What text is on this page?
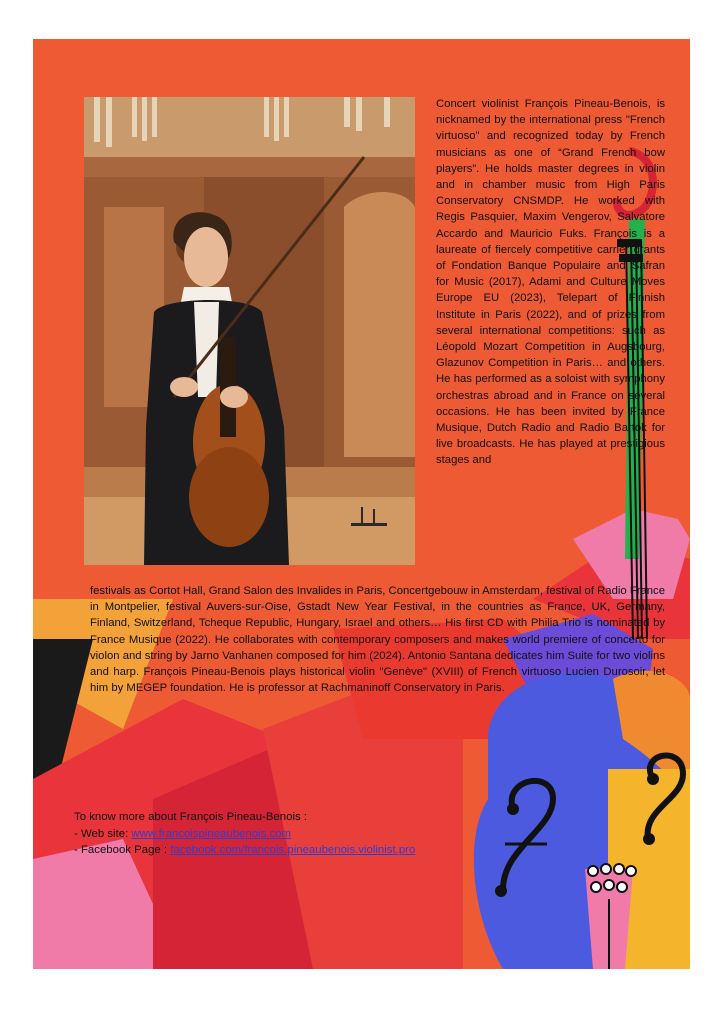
Concert violinist François Pineau-Benois, is nicknamed by the international press "French virtuoso" and recognized today by French musicians as one of “Grand French bow players”. He holds master degrees in violin and in chamber music from High Paris Conservatory CNSMDP. He worked with Regis Pasquier, Maxim Vengerov, Salvatore Accardo and Mauricio Fuks. François is a laureate of fiercely competitive carrier grants of Fondation Banque Populaire and Safran for Music (2017), Adami and Culture Moves Europe EU (2023), Telepart of Finnish Institute in Paris (2022), and of prizes from several international competitions: such as Léopold Mozart Competition in Augsbourg, Glazunov Competition in Paris… and others. He has performed as a soloist with symphony orchestras abroad and in France on several occasions. He has been invited by France Musique, Dutch Radio and Radio Bartok for live broadcasts. He has played at prestigious stages and

festivals as Cortot Hall, Grand Salon des Invalides in Paris, Concertgebouw in Amsterdam, festival of Radio France in Montpelier, festival Auvers-sur-Oise, Gstadt New Year Festival, in the countries as France, UK, Germany, Finland, Switzerland, Tcheque Republic, Hungary, Israel and others… His first CD with Philia Trio is nominated by France Musique (2022). He collaborates with contemporary composers and makes world premiere of concerto for violon and string by Jarno Vanhanen composed for him (2024). Antonio Santana dedicates him Suite for two violins and harp. François Pineau-Benois plays historical violin "Genève" (XVIII) of French virtuoso Lucien Durosoir, let him by MEGEP foundation. He is professor at Rachmaninoff Conservatory in Paris.

To know more about François Pineau-Benois :
- Web site: www.francoispineaubenois.com
- Facebook Page : facebook.com/francois.pineaubenois.violinist.pro
